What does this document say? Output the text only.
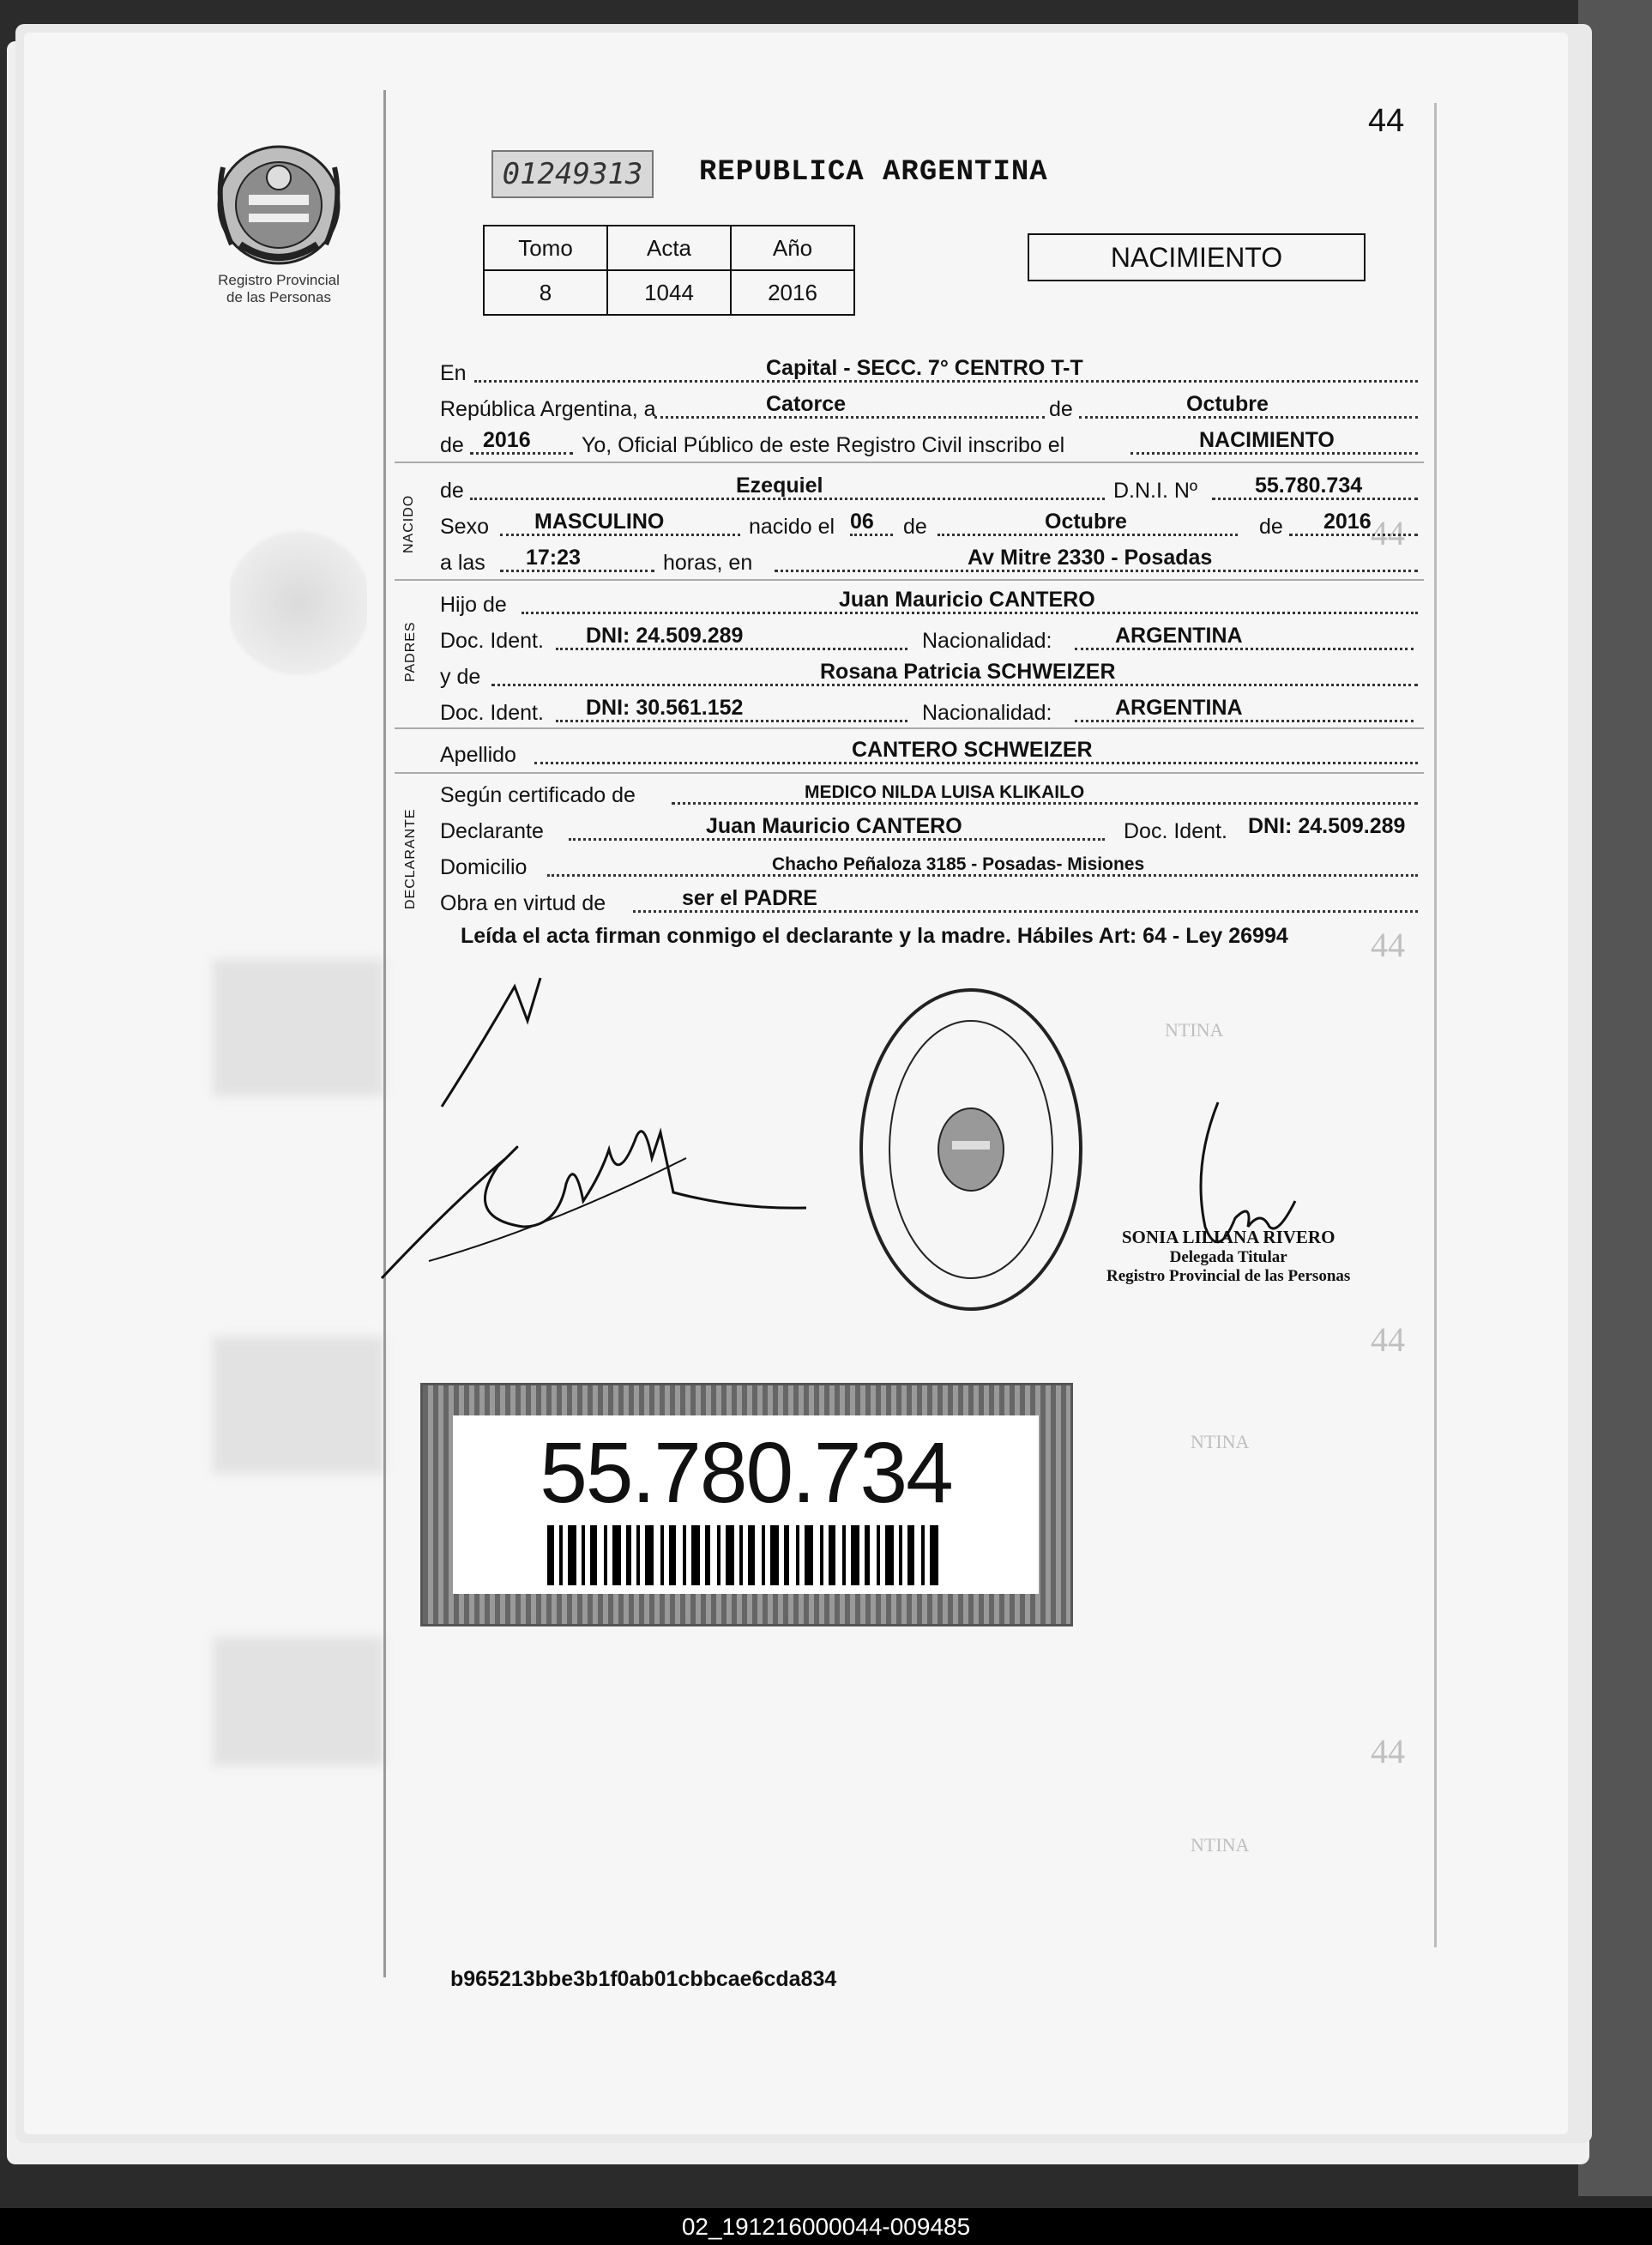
44
44
44
44
NTINA
NTINA
NTINA
44
Registro Provincial
de las Personas
01249313	REPUBLICA ARGENTINA
Tomo	Acta	Año
8	1044	2016
NACIMIENTO
En	Capital - SECC. 7° CENTRO T-T
República Argentina, a	Catorce	de	Octubre
de 2016 Yo, Oficial Público de este Registro Civil inscribo el	NACIMIENTO
NACIDO
de	Ezequiel	D.N.I. Nº	55.780.734
Sexo MASCULINO	nacido el 06 de	Octubre	de 2016
a las 17:23	horas, en	Av Mitre 2330 - Posadas
PADRES
Hijo de	Juan Mauricio CANTERO
Doc. Ident. DNI: 24.509.289	Nacionalidad:	ARGENTINA
y de	Rosana Patricia SCHWEIZER
Doc. Ident. DNI: 30.561.152	Nacionalidad:	ARGENTINA
Apellido	CANTERO SCHWEIZER
DECLARANTE
Según certificado de	MEDICO NILDA LUISA KLIKAILO
Declarante	Juan Mauricio CANTERO	Doc. Ident. DNI: 24.509.289
Domicilio	Chacho Peñaloza 3185 - Posadas- Misiones
Obra en virtud de	ser el PADRE
Leída el acta firman conmigo el declarante y la madre. Hábiles Art: 64 - Ley 26994
SONIA LILIANA RIVERO
Delegada Titular
Registro Provincial de las Personas
55.780.734
b965213bbe3b1f0ab01cbbcae6cda834
02_191216000044-009485
